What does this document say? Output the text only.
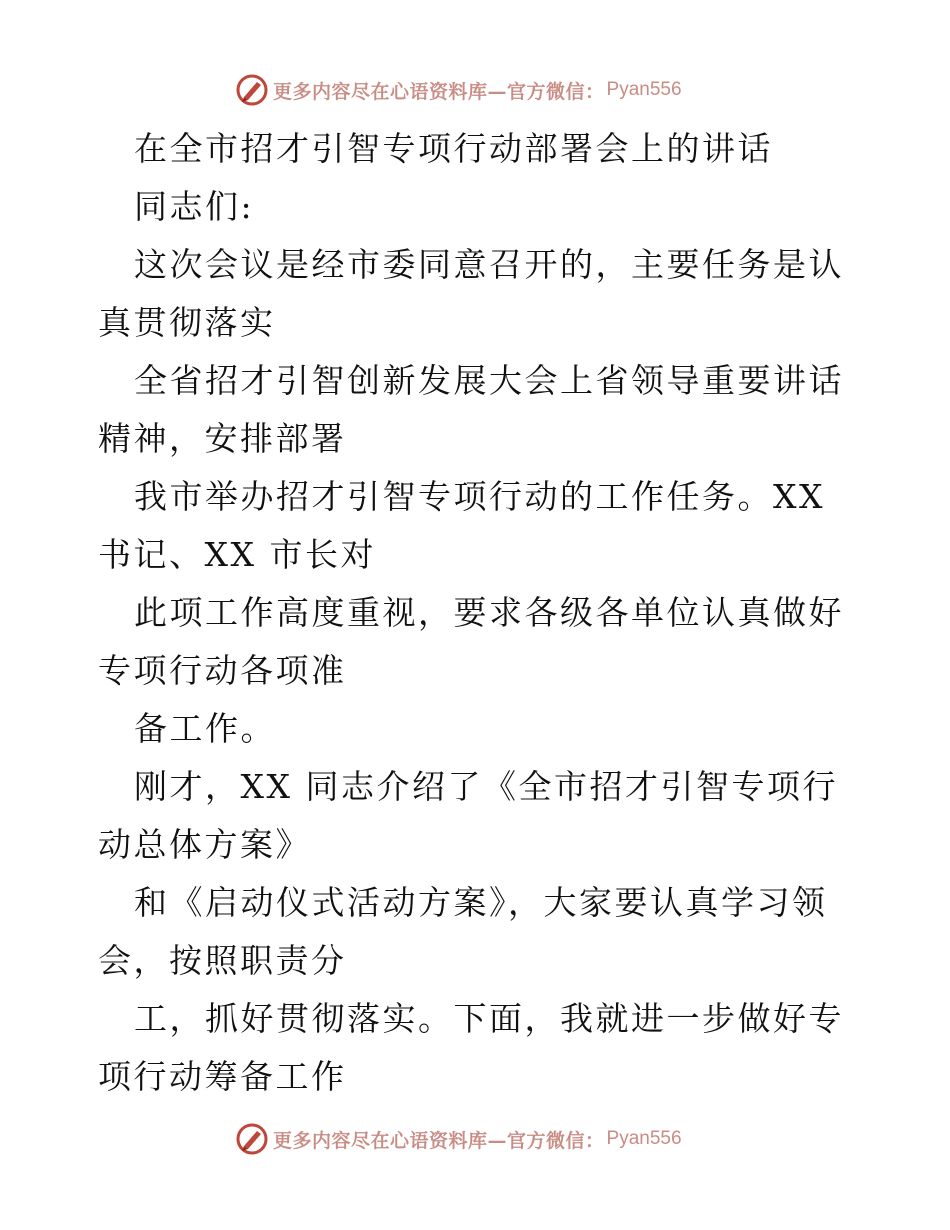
更多内容尽在心语资料库—官方微信： Pyan556

在全市招才引智专项行动部署会上的讲话

同志们:

这次会议是经市委同意召开的，主要任务是认真贯彻落实

全省招才引智创新发展大会上省领导重要讲话精神，安排部署

我市举办招才引智专项行动的工作任务。XX 书记、XX 市长对

此项工作高度重视，要求各级各单位认真做好专项行动各项准

备工作。

刚才，XX 同志介绍了《全市招才引智专项行动总体方案》

和《启动仪式活动方案》，大家要认真学习领会，按照职责分

工，抓好贯彻落实。下面，我就进一步做好专项行动筹备工作

更多内容尽在心语资料库—官方微信： Pyan556
